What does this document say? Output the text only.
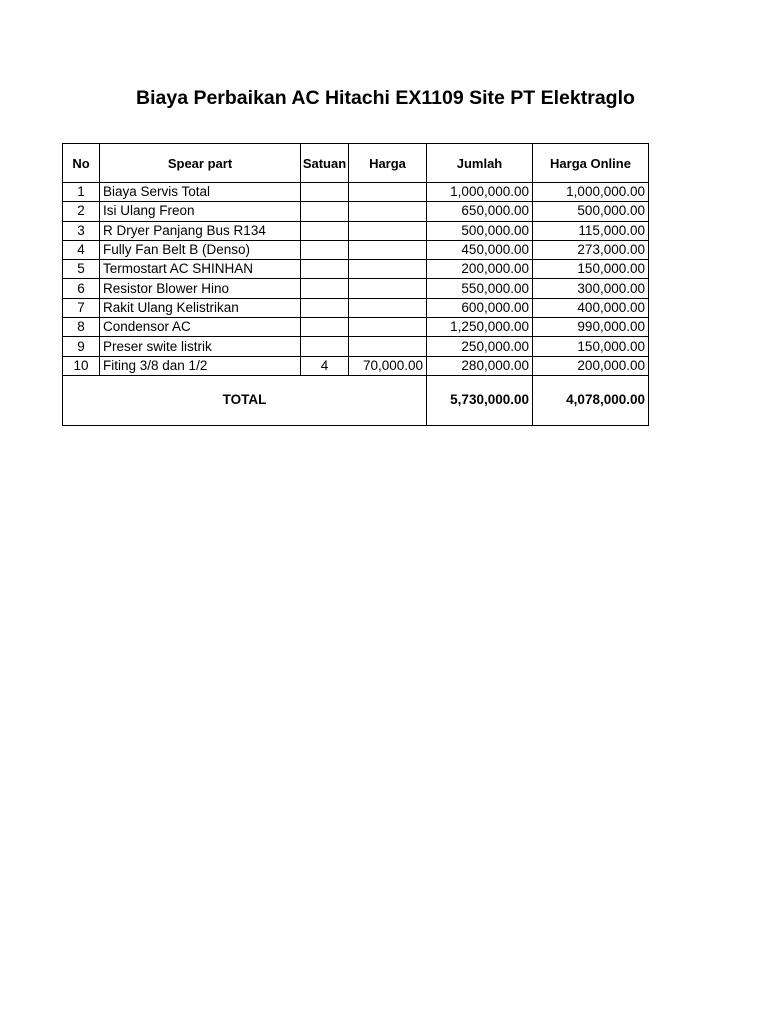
Biaya Perbaikan AC Hitachi EX1109 Site PT Elektraglo
No	Spear part	Satuan	Harga	Jumlah	Harga Online
1	Biaya Servis Total			1,000,000.00	1,000,000.00
2	Isi Ulang Freon			650,000.00	500,000.00
3	R Dryer Panjang Bus R134			500,000.00	115,000.00
4	Fully Fan Belt B (Denso)			450,000.00	273,000.00
5	Termostart AC SHINHAN			200,000.00	150,000.00
6	Resistor Blower Hino			550,000.00	300,000.00
7	Rakit Ulang Kelistrikan			600,000.00	400,000.00
8	Condensor AC			1,250,000.00	990,000.00
9	Preser swite listrik			250,000.00	150,000.00
10	Fiting 3/8 dan 1/2	4	70,000.00	280,000.00	200,000.00
TOTAL				5,730,000.00	4,078,000.00
